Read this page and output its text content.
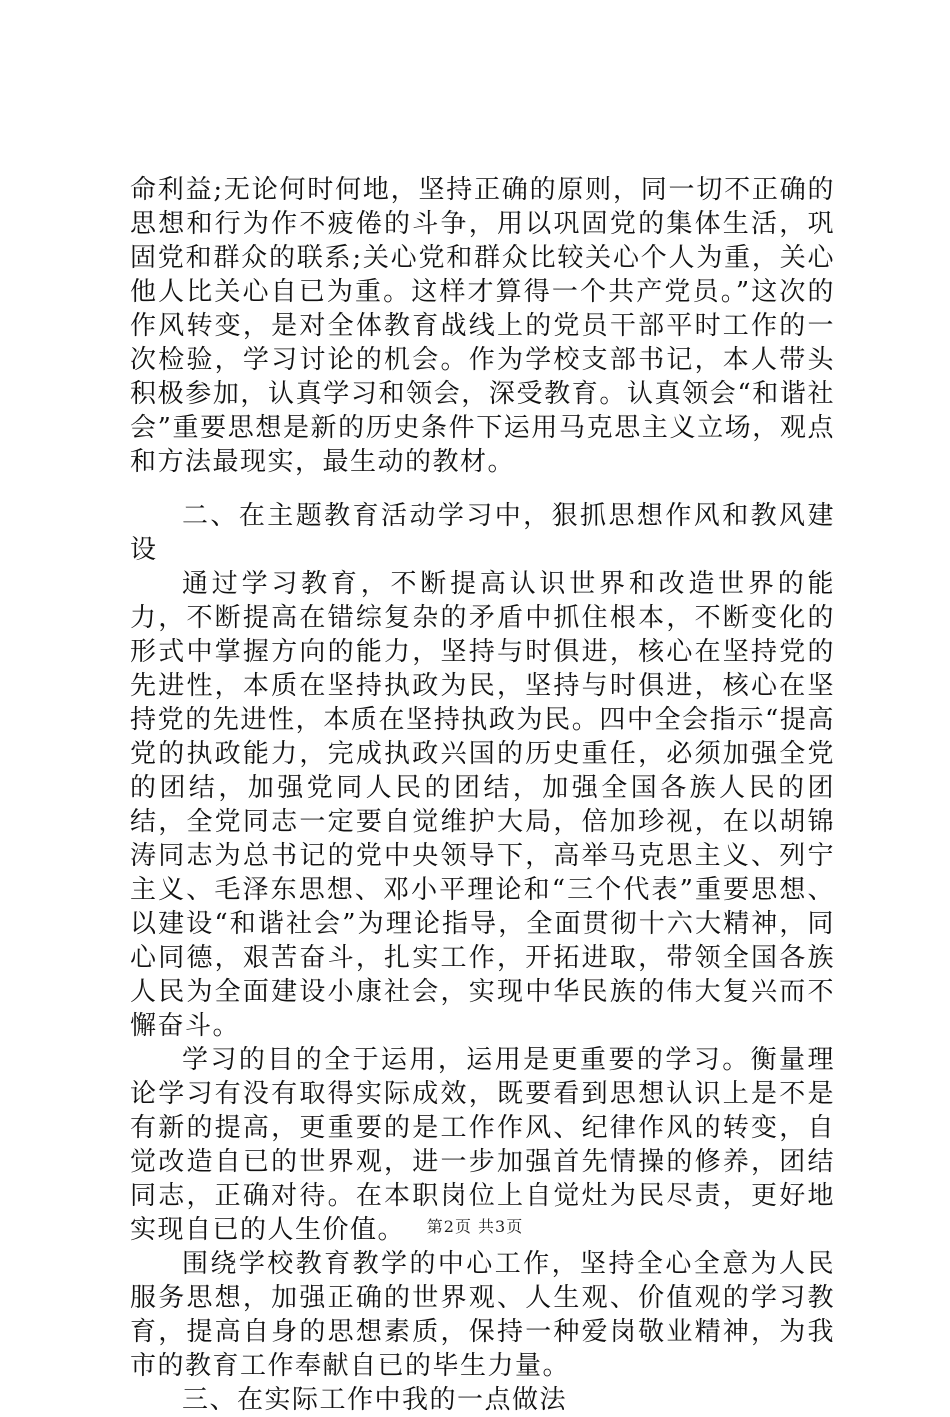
命利益;无论何时何地，坚持正确的原则，同一切不正确的思想和行为作不疲倦的斗争，用以巩固党的集体生活，巩固党和群众的联系;关心党和群众比较关心个人为重，关心他人比关心自已为重。这样才算得一个共产党员。”这次的作风转变，是对全体教育战线上的党员干部平时工作的一次检验，学习讨论的机会。作为学校支部书记，本人带头积极参加，认真学习和领会，深受教育。认真领会“和谐社会”重要思想是新的历史条件下运用马克思主义立场，观点和方法最现实，最生动的教材。

二、在主题教育活动学习中，狠抓思想作风和教风建设

通过学习教育，不断提高认识世界和改造世界的能力，不断提高在错综复杂的矛盾中抓住根本，不断变化的形式中掌握方向的能力，坚持与时俱进，核心在坚持党的先进性，本质在坚持执政为民，坚持与时俱进，核心在坚持党的先进性，本质在坚持执政为民。四中全会指示“提高党的执政能力，完成执政兴国的历史重任，必须加强全党的团结，加强党同人民的团结，加强全国各族人民的团结，全党同志一定要自觉维护大局，倍加珍视，在以胡锦涛同志为总书记的党中央领导下，高举马克思主义、列宁主义、毛泽东思想、邓小平理论和“三个代表”重要思想、以建设“和谐社会”为理论指导，全面贯彻十六大精神，同心同德，艰苦奋斗，扎实工作，开拓进取，带领全国各族人民为全面建设小康社会，实现中华民族的伟大复兴而不懈奋斗。

学习的目的全于运用，运用是更重要的学习。衡量理论学习有没有取得实际成效，既要看到思想认识上是不是有新的提高，更重要的是工作作风、纪律作风的转变，自觉改造自已的世界观，进一步加强首先情操的修养，团结同志，正确对待。在本职岗位上自觉灶为民尽责，更好地实现自已的人生价值。

围绕学校教育教学的中心工作，坚持全心全意为人民服务思想，加强正确的世界观、人生观、价值观的学习教育，提高自身的思想素质，保持一种爱岗敬业精神，为我市的教育工作奉献自已的毕生力量。

三、在实际工作中我的一点做法

第2页 共3页
